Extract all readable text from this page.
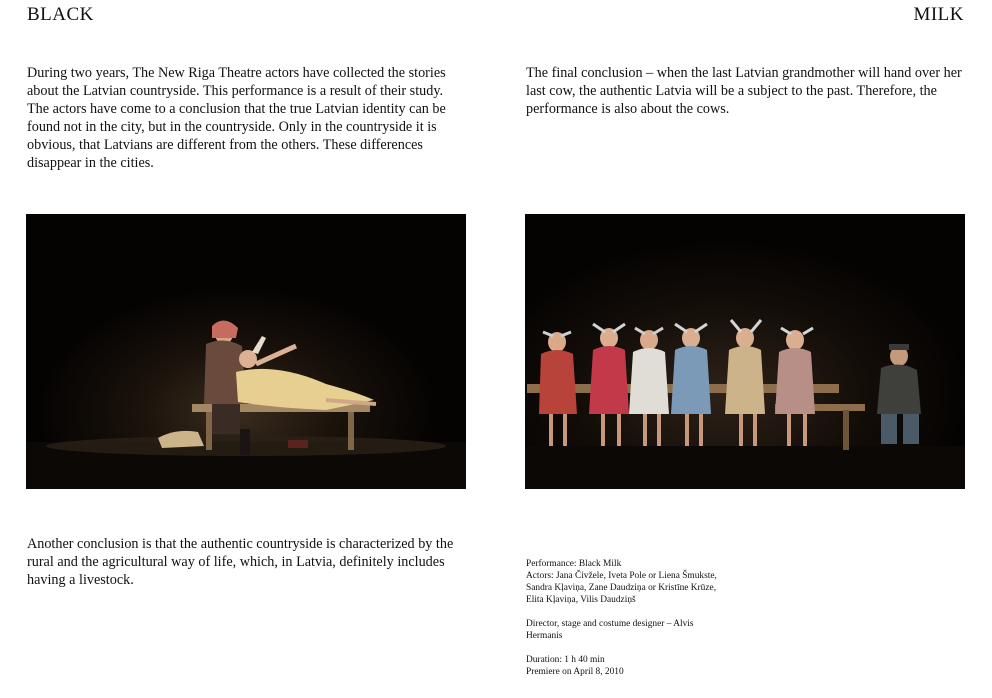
BLACK	MILK

During two years, The New Riga Theatre actors have collected the stories about the Latvian countryside. This performance is a result of their study. The actors have come to a conclusion that the true Latvian identity can be found not in the city, but in the countryside. Only in the countryside it is obvious, that Latvians are different from the others. These differences disappear in the cities.

The final conclusion – when the last Latvian grandmother will hand over her last cow, the authentic Latvia will be a subject to the past. Therefore, the performance is also about the cows.

Another conclusion is that the authentic countryside is characterized by the rural and the agricultural way of life, which, in Latvia, definitely includes having a livestock.

Performance: Black Milk
Actors: Jana Čivžele, Iveta Pole or Liena Šmukste,
Sandra Kļaviņa, Zane Daudziņa or Kristīne Krūze,
Elita Kļaviņa, Vilis Daudziņš
Director, stage and costume designer – Alvis
Hermanis
Duration: 1 h 40 min
Premiere on April 8, 2010
